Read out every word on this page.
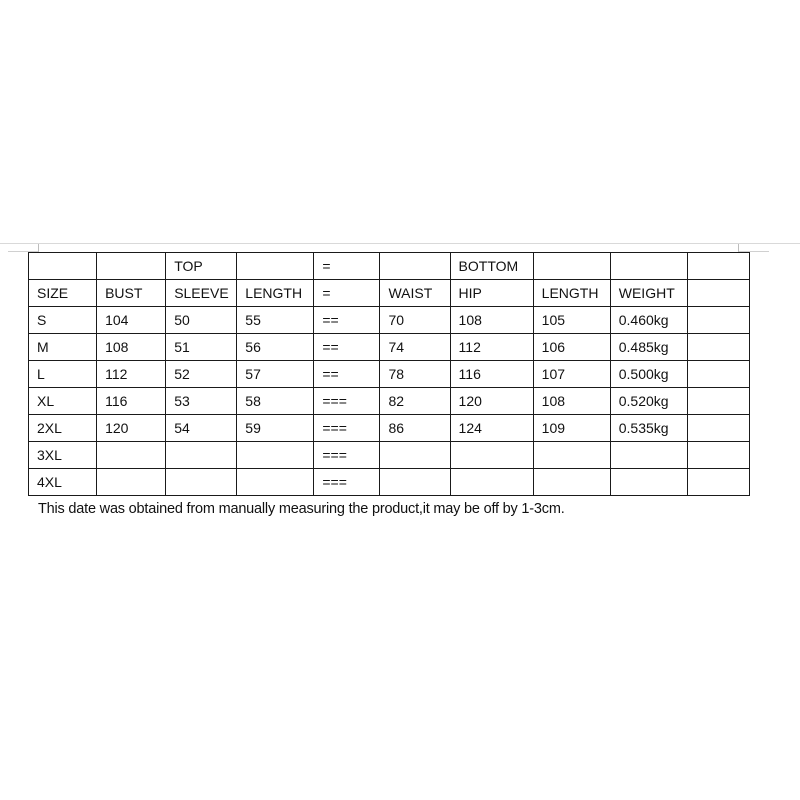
		TOP		=		BOTTOM			
SIZE	BUST	SLEEVE	LENGTH	=	WAIST	HIP	LENGTH	WEIGHT	
S	104	50	55	==	70	108	105	0.460kg	
M	108	51	56	==	74	112	106	0.485kg	
L	112	52	57	==	78	116	107	0.500kg	
XL	116	53	58	===	82	120	108	0.520kg	
2XL	120	54	59	===	86	124	109	0.535kg	
3XL				===					
4XL				===					
This date was obtained from manually measuring the product,it may be off by 1-3cm.
